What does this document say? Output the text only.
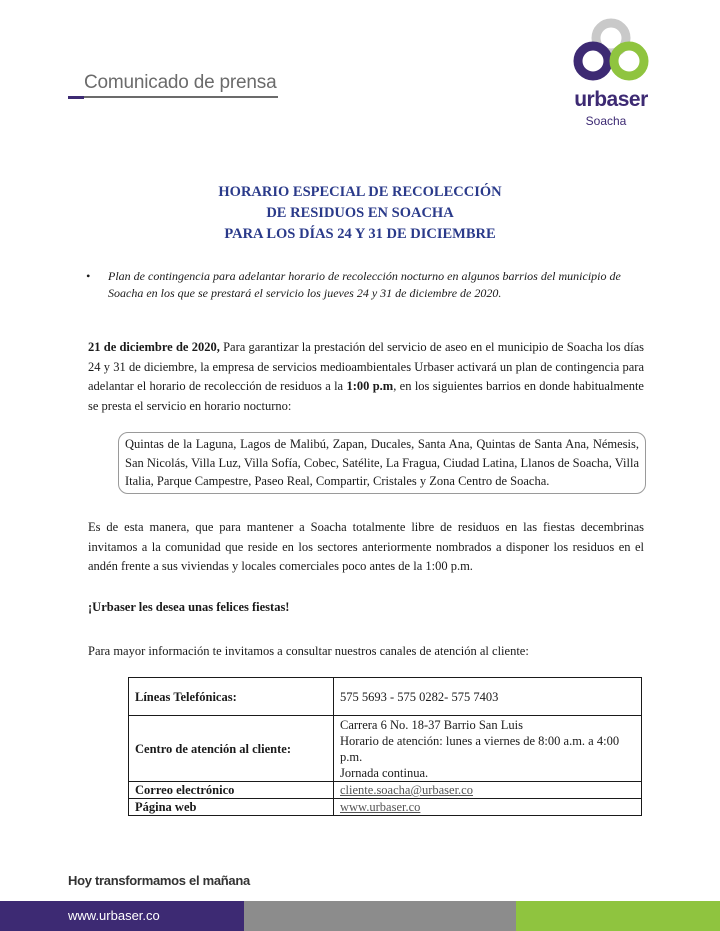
Comunicado de prensa
urbaser
Soacha
HORARIO ESPECIAL DE RECOLECCIÓN
DE RESIDUOS EN SOACHA
PARA LOS DÍAS 24 Y 31 DE DICIEMBRE
• Plan de contingencia para adelantar horario de recolección nocturno en algunos barrios del municipio de Soacha en los que se prestará el servicio los jueves 24 y 31 de diciembre de 2020.
21 de diciembre de 2020, Para garantizar la prestación del servicio de aseo en el municipio de Soacha los días 24 y 31 de diciembre, la empresa de servicios medioambientales Urbaser activará un plan de contingencia para adelantar el horario de recolección de residuos a la 1:00 p.m, en los siguientes barrios en donde habitualmente se presta el servicio en horario nocturno:
Quintas de la Laguna, Lagos de Malibú, Zapan, Ducales, Santa Ana, Quintas de Santa Ana, Némesis, San Nicolás, Villa Luz, Villa Sofía, Cobec, Satélite, La Fragua, Ciudad Latina, Llanos de Soacha, Villa Italia, Parque Campestre, Paseo Real, Compartir, Cristales y Zona Centro de Soacha.
Es de esta manera, que para mantener a Soacha totalmente libre de residuos en las fiestas decembrinas invitamos a la comunidad que reside en los sectores anteriormente nombrados a disponer los residuos en el andén frente a sus viviendas y locales comerciales poco antes de la 1:00 p.m.
¡Urbaser les desea unas felices fiestas!
Para mayor información te invitamos a consultar nuestros canales de atención al cliente:
Líneas Telefónicas:	575 5693 - 575 0282- 575 7403
Centro de atención al cliente:	Carrera 6 No. 18-37 Barrio San Luis
Horario de atención: lunes a viernes de 8:00 a.m. a 4:00 p.m.
Jornada continua.

Correo electrónico	cliente.soacha@urbaser.co
Página web	www.urbaser.co
Hoy transformamos el mañana
www.urbaser.co
